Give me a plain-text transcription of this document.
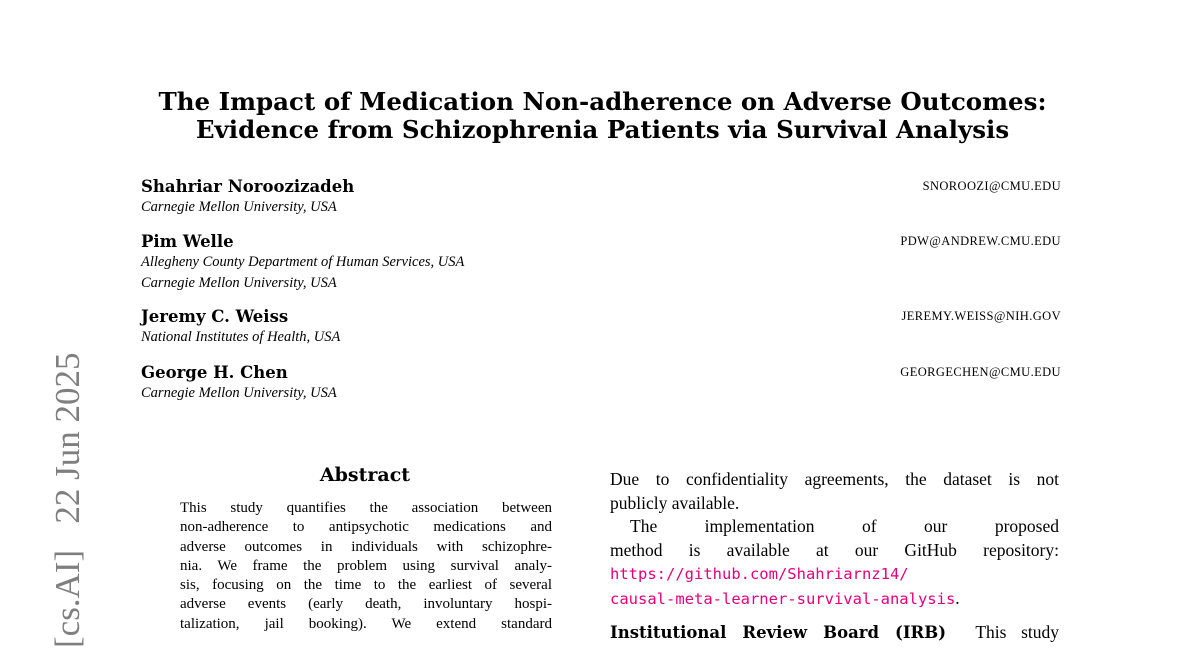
[cs.AI]   22 Jun 2025
The Impact of Medication Non-adherence on Adverse Outcomes:
Evidence from Schizophrenia Patients via Survival Analysis
Shahriar Noroozizadeh
Carnegie Mellon University, USA
SNOROOZI@CMU.EDU
Pim Welle
Allegheny County Department of Human Services, USA
Carnegie Mellon University, USA
PDW@ANDREW.CMU.EDU
Jeremy C. Weiss
National Institutes of Health, USA
JEREMY.WEISS@NIH.GOV
George H. Chen
Carnegie Mellon University, USA
GEORGECHEN@CMU.EDU
Abstract
This study quantifies the association between
non-adherence to antipsychotic medications and
adverse outcomes in individuals with schizophre-
nia. We frame the problem using survival analy-
sis, focusing on the time to the earliest of several
adverse events (early death, involuntary hospi-
talization, jail booking). We extend standard
Due to confidentiality agreements, the dataset is not
publicly available.
The implementation of our proposed
method is available at our GitHub repository:
https://github.com/Shahriarnz14/
causal-meta-learner-survival-analysis.
Institutional Review Board (IRB) This study
